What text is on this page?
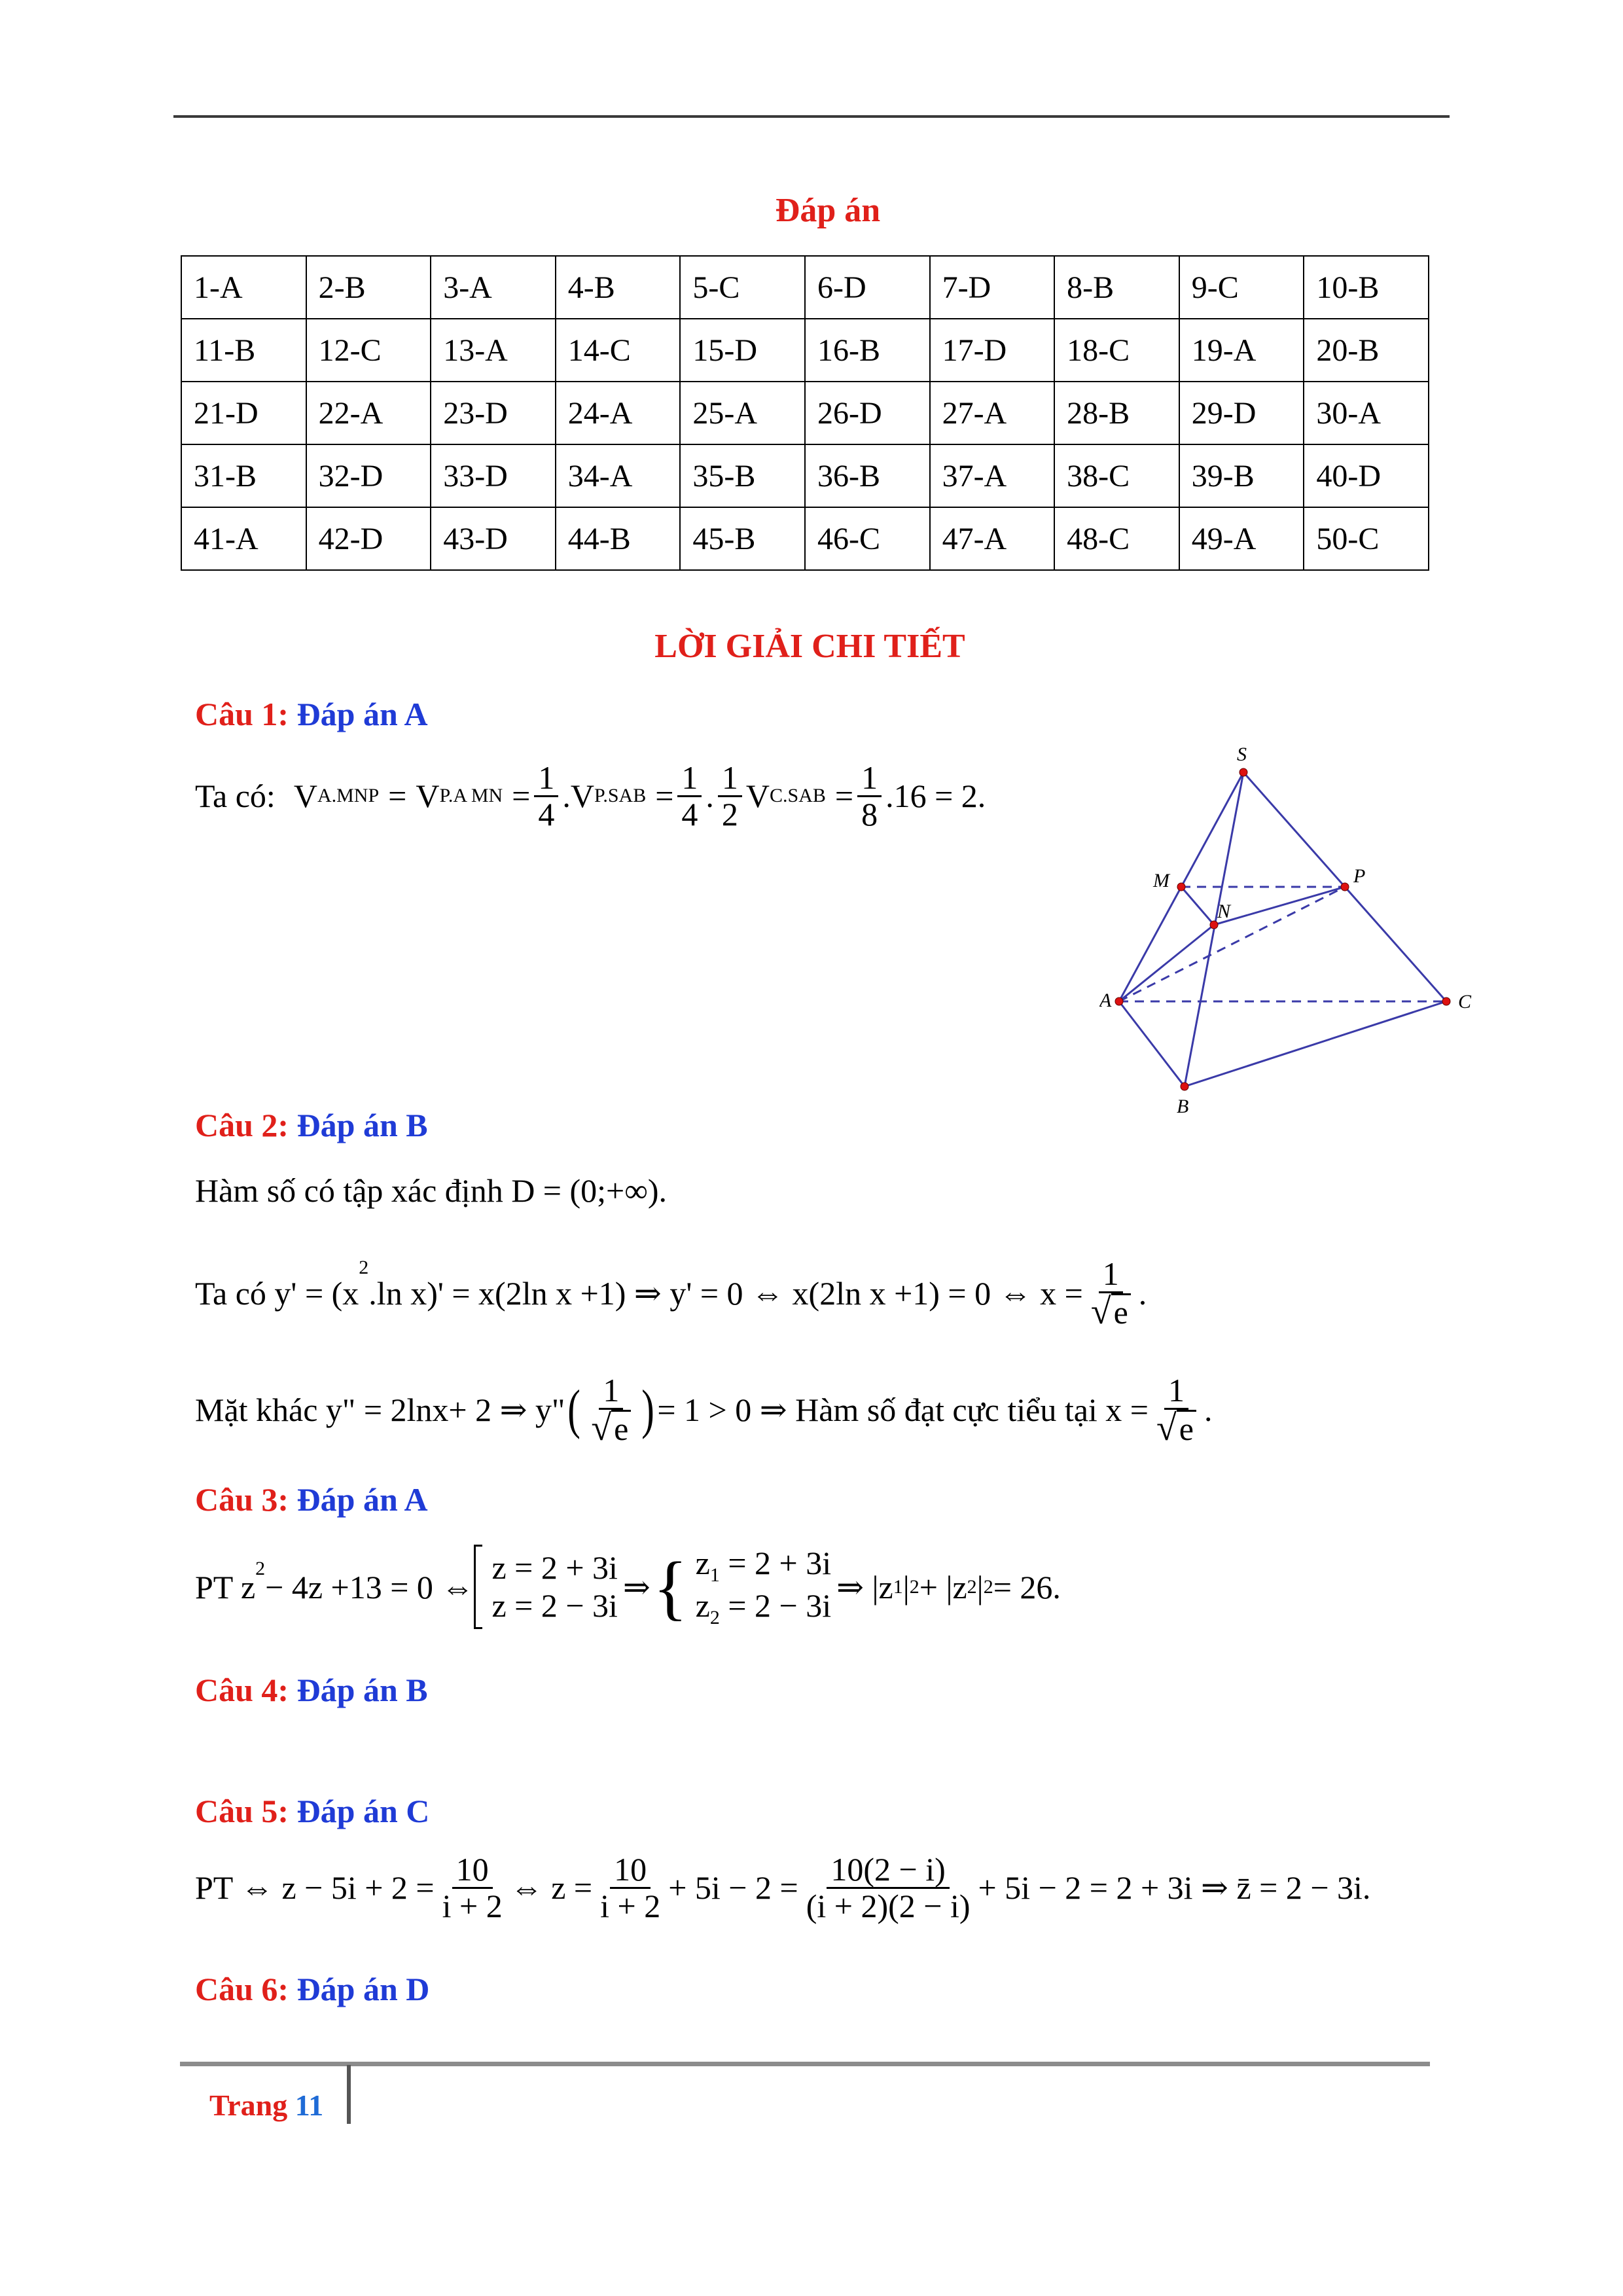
Đáp án
1-A	2-B	3-A	4-B	5-C	6-D	7-D	8-B	9-C	10-B
11-B	12-C	13-A	14-C	15-D	16-B	17-D	18-C	19-A	20-B
21-D	22-A	23-D	24-A	25-A	26-D	27-A	28-B	29-D	30-A
31-B	32-D	33-D	34-A	35-B	36-B	37-A	38-C	39-B	40-D
41-A	42-D	43-D	44-B	45-B	46-C	47-A	48-C	49-A	50-C
LỜI GIẢI CHI TIẾT
Câu 1: Đáp án A
Ta có: V A.MNP = V P.A MN = $\frac{1}{4} .V$ $P.SAB = \frac{1}{4}$ . $\frac{1}{2}$ V $C.SAB = \frac{1}{8} .16 = 2$.
S
M
N
P
A
B
C
Câu 2: Đáp án B
Hàm số có tập xác định D = (0;+∞).
Ta có y' = (x
$^2$
.ln x)' = x(2ln x +1) ⇒ y' = 0 ⇔ x(2ln x +1) = 0 ⇔ $x = \frac{1}{√ e}$ .
Mặt khác y" = 2lnx+ 2 ⇒ y" ( $\frac{1}{√ e}$ ) = 1 > 0 ⇒ Hàm số đạt cực tiểu tại $x = \frac{1}{√ e}$ .
Câu 3: Đáp án A
PT $z^2 - 4z +13 = 0$ ⇔
z = 2 + 3i
z = 2 − 3i ⇒ { $z_1 = 2 + 3i$
$z_2 = 2 - 3i$ ⇒ |z 1 | 2 + |z 2 | 2 = 26.
Câu 4: Đáp án B
Câu 5: Đáp án C
PT ⇔ $z - 5i + 2 = \frac{10}{i + 2}$ ⇔ $z = \frac{10}{i + 2} + 5i - 2 = \frac{10(2 - i)}{(i + 2)(2 - i)} + 5i - 2 = 2 + 3i$ ⇒ z̄ = 2 − 3i.
Câu 6: Đáp án D
Trang 11
